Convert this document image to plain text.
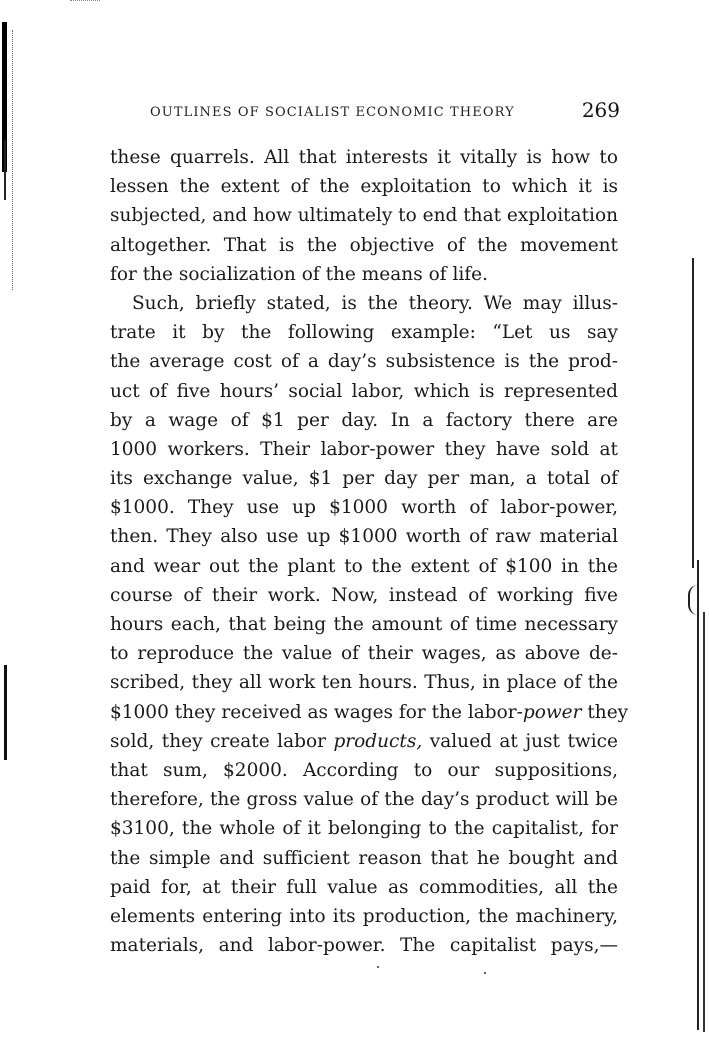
OUTLINES OF SOCIALIST ECONOMIC THEORY	269
these quarrels. All that interests it vitally is how to
lessen the extent of the exploitation to which it is
subjected, and how ultimately to end that exploitation
altogether. That is the objective of the movement
for the socialization of the means of life.
Such, briefly stated, is the theory. We may illus-
trate it by the following example: “Let us say
the average cost of a day’s subsistence is the prod-
uct of five hours’ social labor, which is represented
by a wage of $1 per day. In a factory there are
1000 workers. Their labor-power they have sold at
its exchange value, $1 per day per man, a total of
$1000. They use up $1000 worth of labor-power,
then. They also use up $1000 worth of raw material
and wear out the plant to the extent of $100 in the
course of their work. Now, instead of working five
hours each, that being the amount of time necessary
to reproduce the value of their wages, as above de-
scribed, they all work ten hours. Thus, in place of the
$1000 they received as wages for the labor-power they
sold, they create labor products, valued at just twice
that sum, $2000. According to our suppositions,
therefore, the gross value of the day’s product will be
$3100, the whole of it belonging to the capitalist, for
the simple and sufficient reason that he bought and
paid for, at their full value as commodities, all the
elements entering into its production, the machinery,
materials, and labor-power. The capitalist pays,—
